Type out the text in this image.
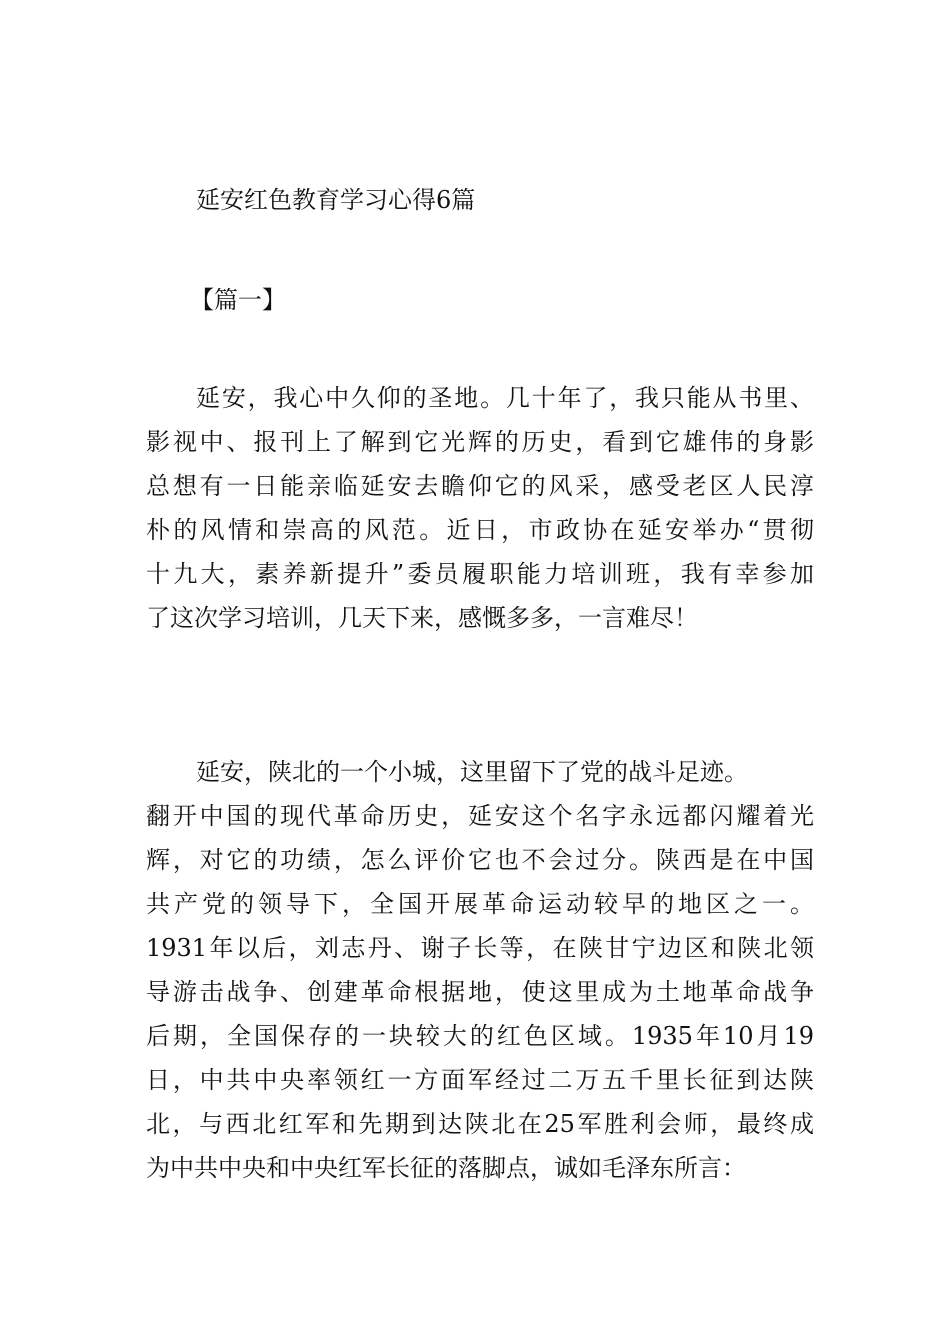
延安红色教育学习心得6篇
【篇一】
延安，我心中久仰的圣地。几十年了，我只能从书里、
影视中、报刊上了解到它光辉的历史，看到它雄伟的身影
总想有一日能亲临延安去瞻仰它的风采，感受老区人民淳
朴的风情和崇高的风范。近日，市政协在延安举办“贯彻
十九大，素养新提升”委员履职能力培训班，我有幸参加
了这次学习培训，几天下来，感慨多多，一言难尽！
延安，陕北的一个小城，这里留下了党的战斗足迹。
翻开中国的现代革命历史，延安这个名字永远都闪耀着光
辉，对它的功绩，怎么评价它也不会过分。陕西是在中国
共产党的领导下，全国开展革命运动较早的地区之一。
1931年以后，刘志丹、谢子长等，在陕甘宁边区和陕北领
导游击战争、创建革命根据地，使这里成为土地革命战争
后期，全国保存的一块较大的红色区域。1935年10月19
日，中共中央率领红一方面军经过二万五千里长征到达陕
北，与西北红军和先期到达陕北在25军胜利会师，最终成
为中共中央和中央红军长征的落脚点，诚如毛泽东所言：
